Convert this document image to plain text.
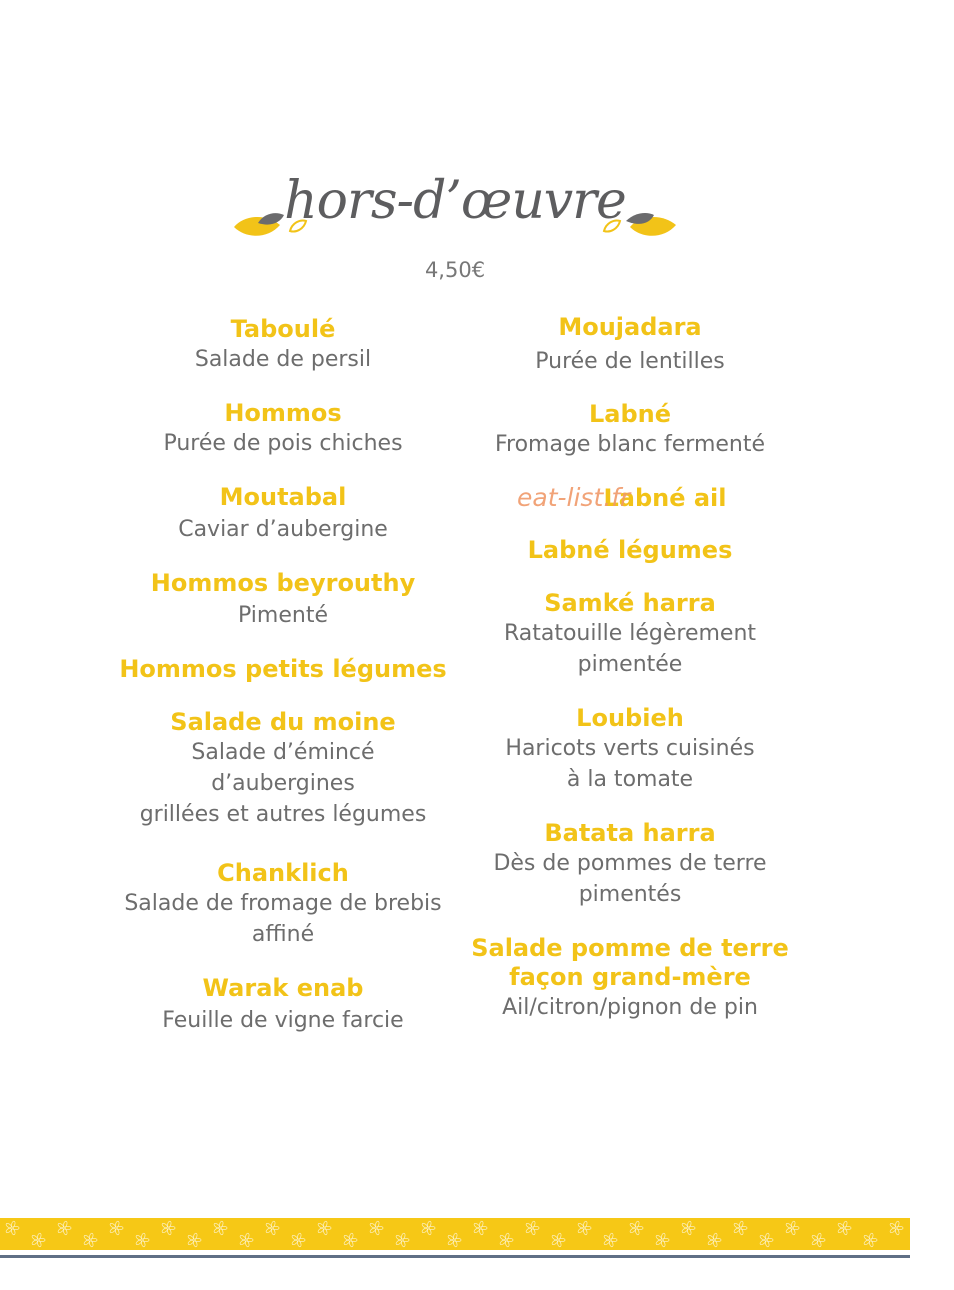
hors-d’œuvre
4,50€
Taboulé
Salade de persil
Hommos
Purée de pois chiches
Moutabal
Caviar d’aubergine
Hommos beyrouthy
Pimenté
Hommos petits légumes
Salade du moine
Salade d’émincé
d’aubergines
grillées et autres légumes
Chanklich
Salade de fromage de brebis
affiné
Warak enab
Feuille de vigne farcie
Moujadara
Purée de lentilles
Labné
Fromage blanc fermenté
Labné ail
Labné légumes
Samké harra
Ratatouille légèrement
pimentée
Loubieh
Haricots verts cuisinés
à la tomate
Batata harra
Dès de pommes de terre
pimentés
Salade pomme de terre façon grand-mère
Ail/citron/pignon de pin
eat-list.fr
